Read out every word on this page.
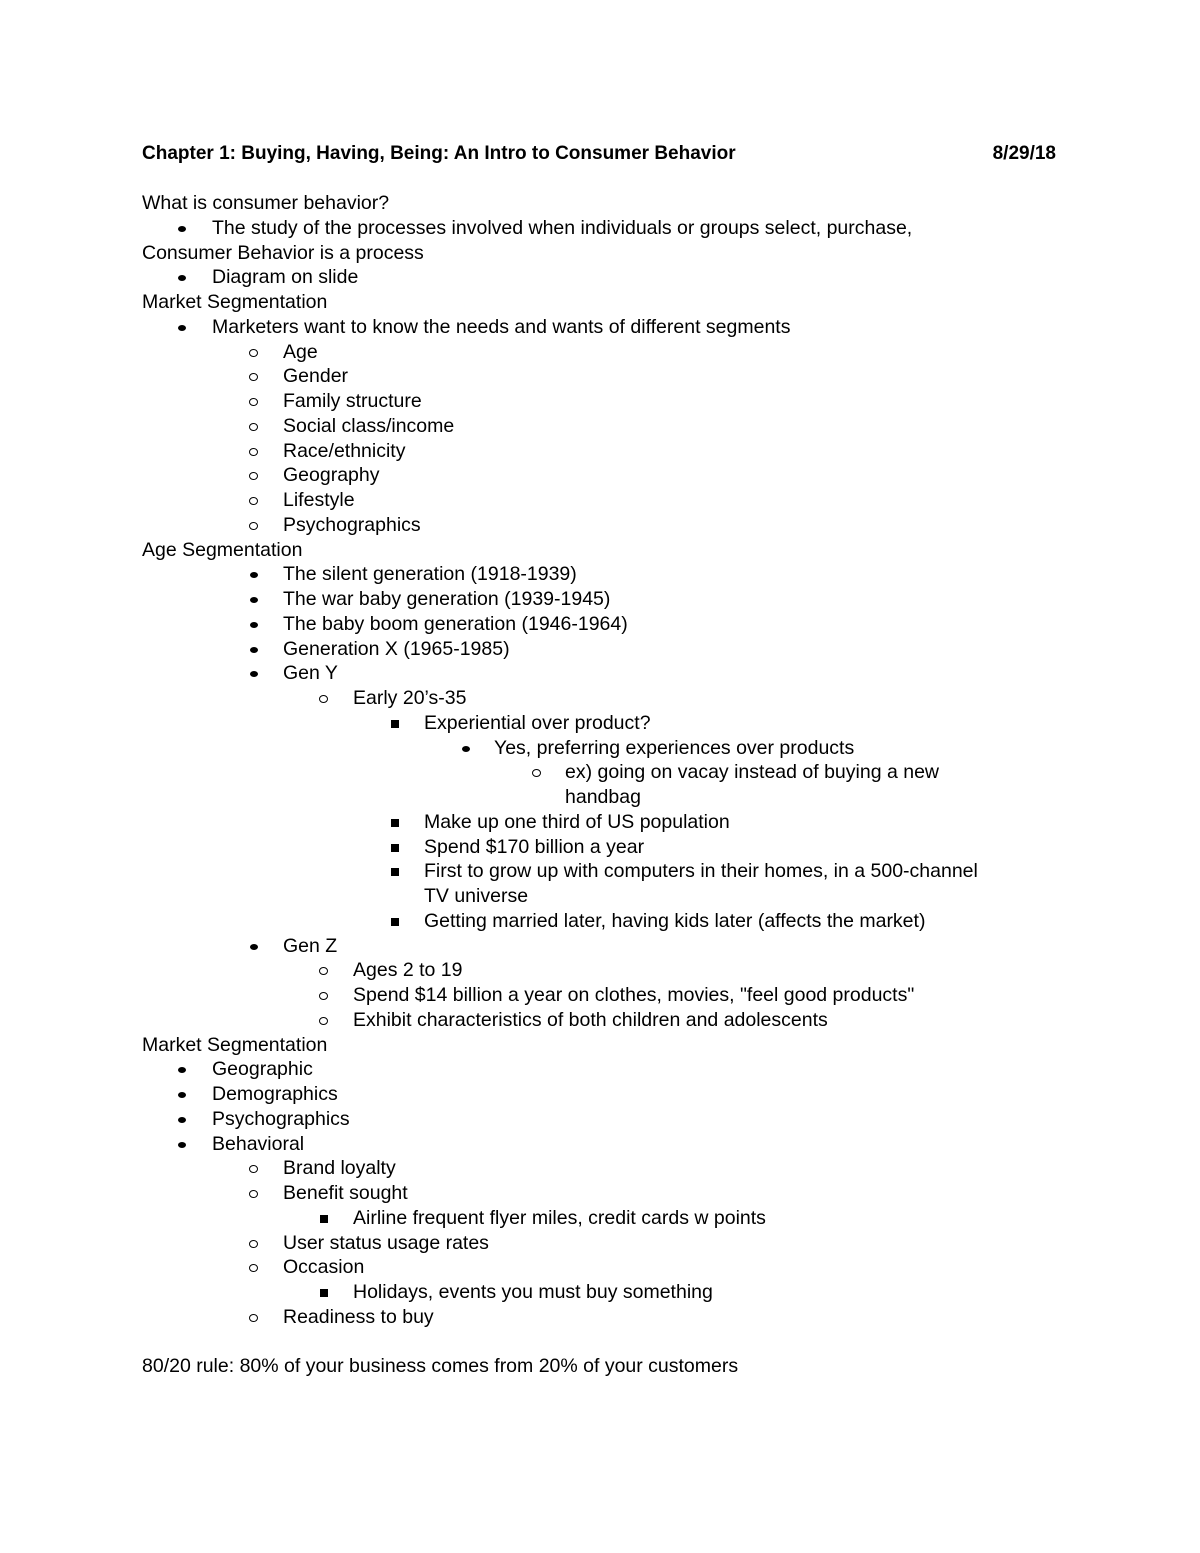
Chapter 1: Buying, Having, Being: An Intro to Consumer Behavior	8/29/18
What is consumer behavior?
The study of the processes involved when individuals or groups select, purchase,
Consumer Behavior is a process
Diagram on slide
Market Segmentation
Marketers want to know the needs and wants of different segments
Age
Gender
Family structure
Social class/income
Race/ethnicity
Geography
Lifestyle
Psychographics
Age Segmentation
The silent generation (1918-1939)
The war baby generation (1939-1945)
The baby boom generation (1946-1964)
Generation X (1965-1985)
Gen Y
Early 20’s-35
Experiential over product?
Yes, preferring experiences over products
ex) going on vacay instead of buying a new
handbag
Make up one third of US population
Spend $170 billion a year
First to grow up with computers in their homes, in a 500-channel
TV universe
Getting married later, having kids later (affects the market)
Gen Z
Ages 2 to 19
Spend $14 billion a year on clothes, movies, "feel good products"
Exhibit characteristics of both children and adolescents
Market Segmentation
Geographic
Demographics
Psychographics
Behavioral
Brand loyalty
Benefit sought
Airline frequent flyer miles, credit cards w points
User status usage rates
Occasion
Holidays, events you must buy something
Readiness to buy
80/20 rule: 80% of your business comes from 20% of your customers
